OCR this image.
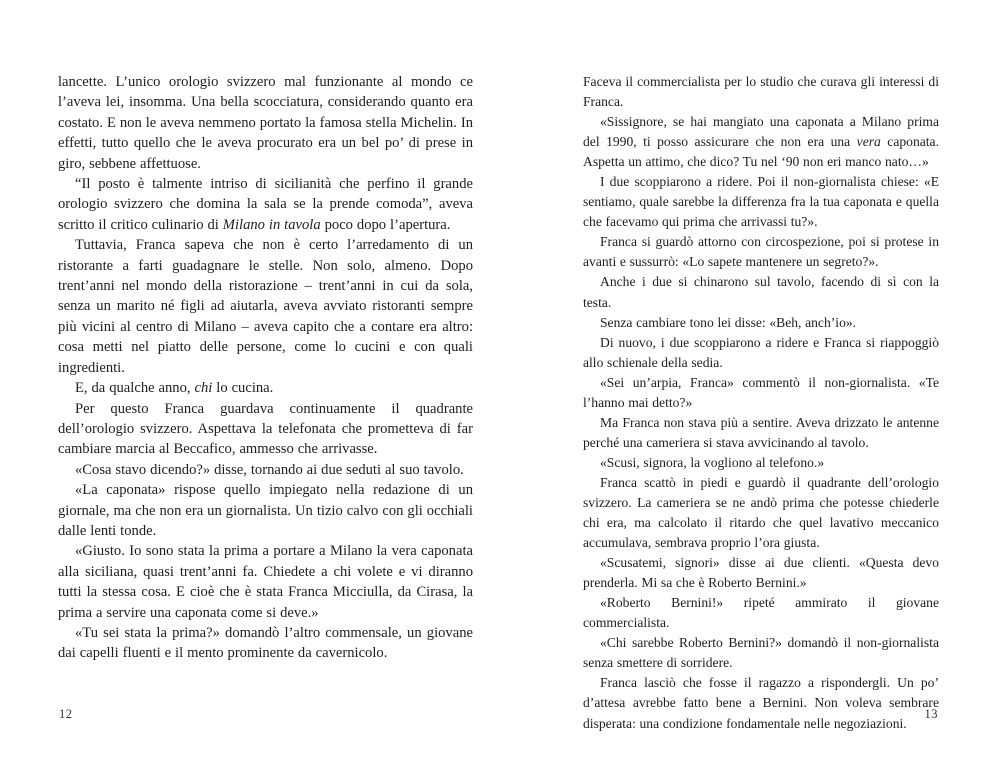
lancette. L’unico orologio svizzero mal funzionante al mondo ce l’aveva lei, insomma. Una bella scocciatura, considerando quanto era costato. E non le aveva nemmeno portato la famosa stella Michelin. In effetti, tutto quello che le aveva procurato era un bel po’ di prese in giro, sebbene affettuose.

“Il posto è talmente intriso di sicilianità che perfino il grande orologio svizzero che domina la sala se la prende comoda”, aveva scritto il critico culinario di Milano in tavola poco dopo l’apertura.

Tuttavia, Franca sapeva che non è certo l’arredamento di un ristorante a farti guadagnare le stelle. Non solo, almeno. Dopo trent’anni nel mondo della ristorazione – trent’anni in cui da sola, senza un marito né figli ad aiutarla, aveva avviato ristoranti sempre più vicini al centro di Milano – aveva capito che a contare era altro: cosa metti nel piatto delle persone, come lo cucini e con quali ingredienti.

E, da qualche anno, chi lo cucina.

Per questo Franca guardava continuamente il quadrante dell’orologio svizzero. Aspettava la telefonata che prometteva di far cambiare marcia al Beccafico, ammesso che arrivasse.

«Cosa stavo dicendo?» disse, tornando ai due seduti al suo tavolo.

«La caponata» rispose quello impiegato nella redazione di un giornale, ma che non era un giornalista. Un tizio calvo con gli occhiali dalle lenti tonde.

«Giusto. Io sono stata la prima a portare a Milano la vera caponata alla siciliana, quasi trent’anni fa. Chiedete a chi volete e vi diranno tutti la stessa cosa. E cioè che è stata Franca Micciulla, da Cirasa, la prima a servire una caponata come si deve.»

«Tu sei stata la prima?» domandò l’altro commensale, un giovane dai capelli fluenti e il mento prominente da cavernicolo.

12

Faceva il commercialista per lo studio che curava gli interessi di Franca.

«Sissignore, se hai mangiato una caponata a Milano prima del 1990, ti posso assicurare che non era una vera caponata. Aspetta un attimo, che dico? Tu nel ‘90 non eri manco nato…»

I due scoppiarono a ridere. Poi il non-giornalista chiese: «E sentiamo, quale sarebbe la differenza fra la tua caponata e quella che facevamo qui prima che arrivassi tu?».

Franca si guardò attorno con circospezione, poi si protese in avanti e sussurrò: «Lo sapete mantenere un segreto?».

Anche i due si chinarono sul tavolo, facendo di sì con la testa.

Senza cambiare tono lei disse: «Beh, anch’io».

Di nuovo, i due scoppiarono a ridere e Franca si riappoggiò allo schienale della sedia.

«Sei un’arpia, Franca» commentò il non-giornalista. «Te l’hanno mai detto?»

Ma Franca non stava più a sentire. Aveva drizzato le antenne perché una cameriera si stava avvicinando al tavolo.

«Scusi, signora, la vogliono al telefono.»

Franca scattò in piedi e guardò il quadrante dell’orologio svizzero. La cameriera se ne andò prima che potesse chiederle chi era, ma calcolato il ritardo che quel lavativo meccanico accumulava, sembrava proprio l’ora giusta.

«Scusatemi, signori» disse ai due clienti. «Questa devo prenderla. Mi sa che è Roberto Bernini.»

«Roberto Bernini!» ripeté ammirato il giovane commercialista.

«Chi sarebbe Roberto Bernini?» domandò il non-giornalista senza smettere di sorridere.

Franca lasciò che fosse il ragazzo a rispondergli. Un po’ d’attesa avrebbe fatto bene a Bernini. Non voleva sembrare disperata: una condizione fondamentale nelle negoziazioni.

13
